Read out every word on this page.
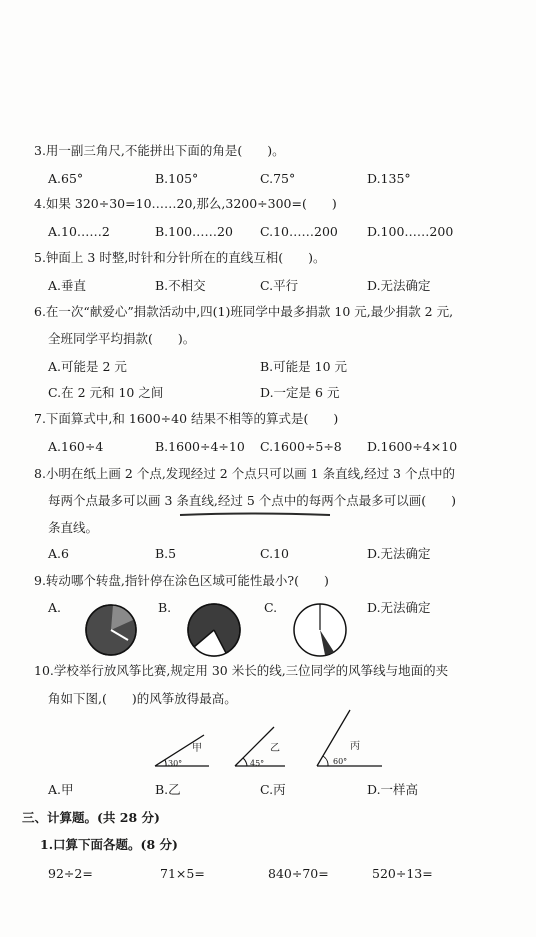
3.用一副三角尺,不能拼出下面的角是(　　)。
A.65°	B.105°	C.75°	D.135°
4.如果 320÷30=10……20,那么,3200÷300=(　　)
A.10……2	B.100……20 C.10……200 D.100……200
5.钟面上 3 时整,时针和分针所在的直线互相(　　)。
A.垂直	B.不相交	C.平行	D.无法确定
6.在一次“献爱心”捐款活动中,四(1)班同学中最多捐款 10 元,最少捐款 2 元,
全班同学平均捐款(　　)。
A.可能是 2 元	B.可能是 10 元
C.在 2 元和 10 之间	D.一定是 6 元
7.下面算式中,和 1600÷40 结果不相等的算式是(　　)
A.160÷4	B.1600÷4÷10 C.1600÷5÷8 D.1600÷4×10
8.小明在纸上画 2 个点,发现经过 2 个点只可以画 1 条直线,经过 3 个点中的
每两个点最多可以画 3 条直线,经过 5 个点中的每两个点最多可以画(　　)
条直线。
A.6	B.5	C.10	D.无法确定
9.转动哪个转盘,指针停在涂色区域可能性最小?(　　)
A.	B.	C.	D.无法确定
10.学校举行放风筝比赛,规定用 30 米长的线,三位同学的风筝线与地面的夹
角如下图,(　　)的风筝放得最高。
30°
甲
45°
乙
60°
丙
A.甲	B.乙	C.丙	D.一样高
三、计算题。(共 28 分)
1.口算下面各题。(8 分)
92÷2=	71×5=	840÷70=	520÷13=
